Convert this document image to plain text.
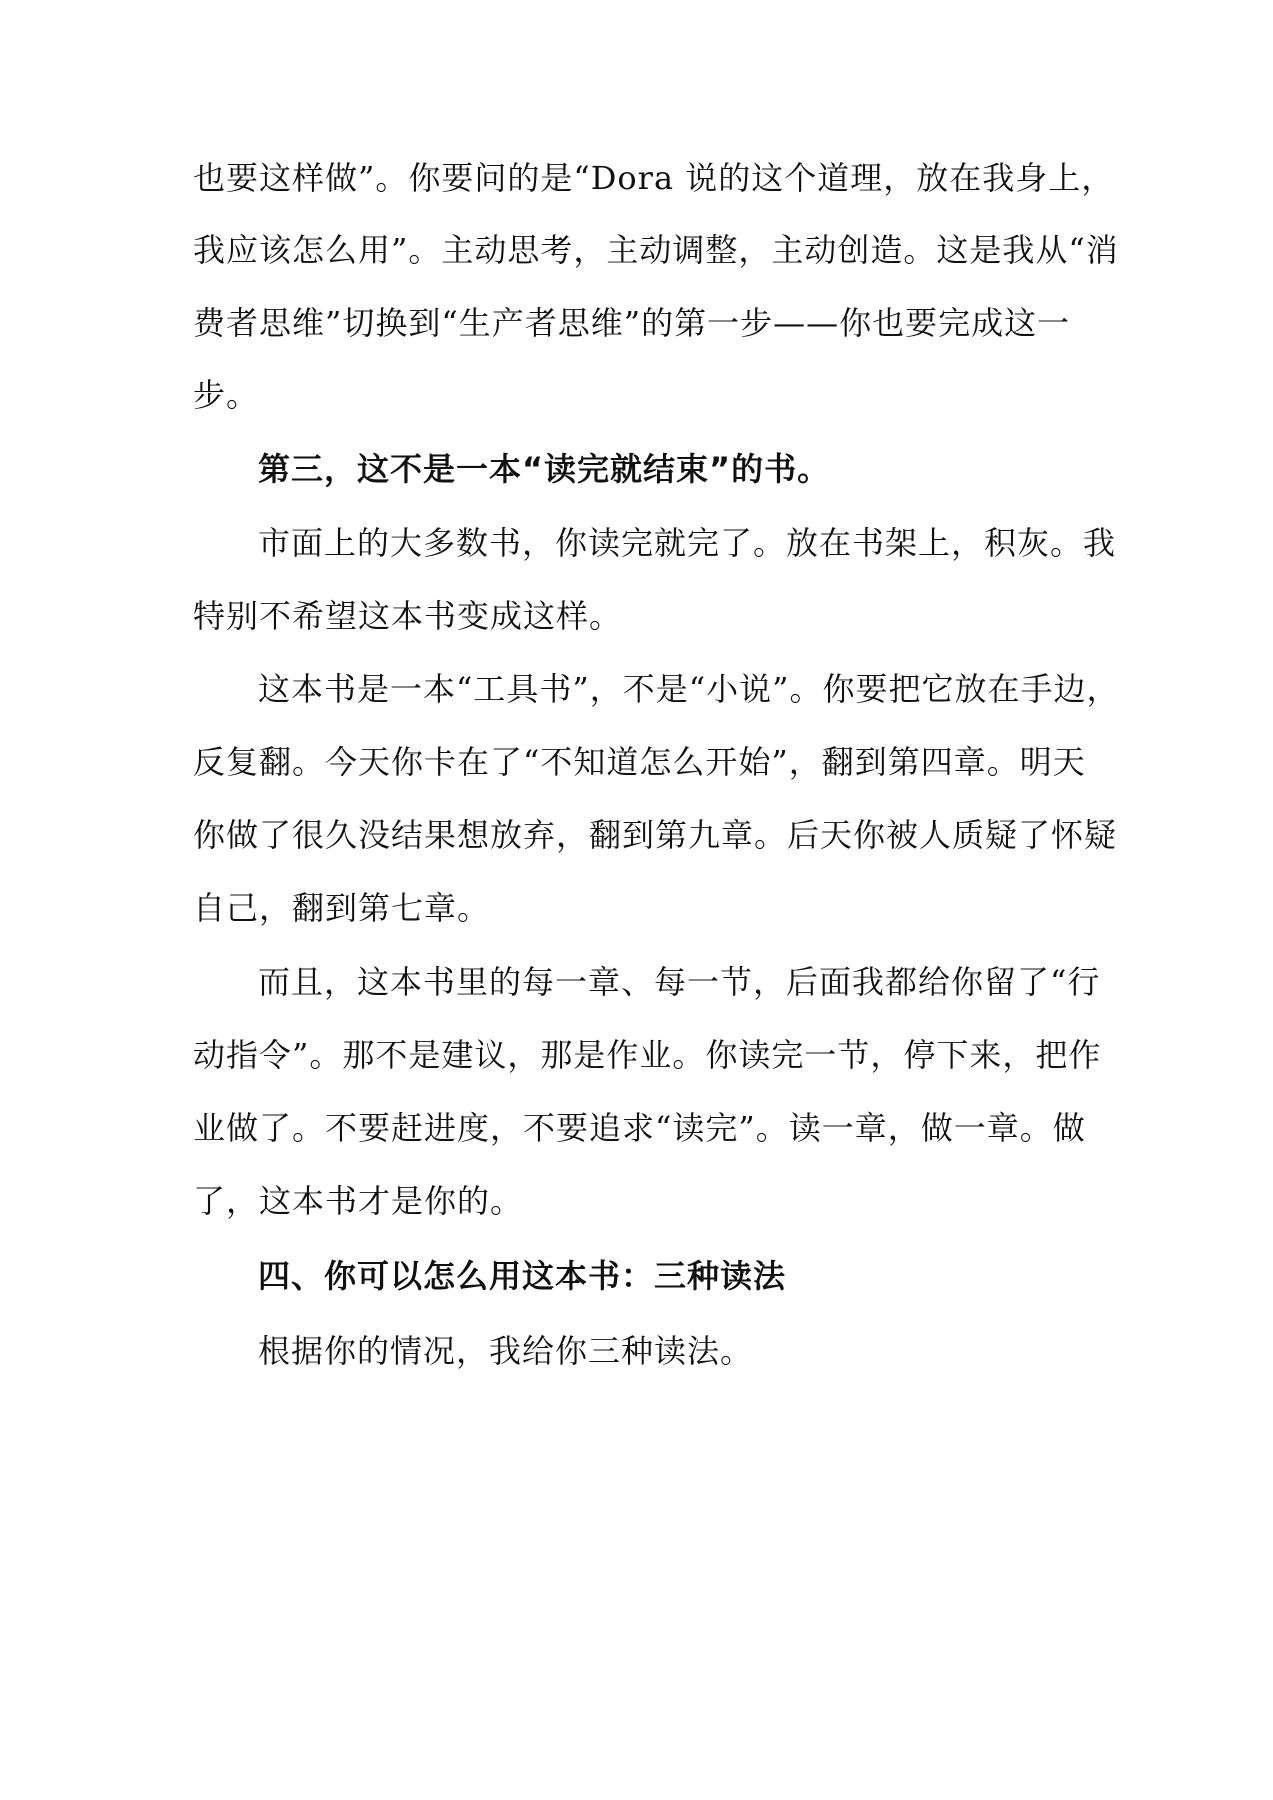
也要这样做”。你要问的是“Dora 说的这个道理，放在我身上，
我应该怎么用”。主动思考，主动调整，主动创造。这是我从“消
费者思维”切换到“生产者思维”的第一步——你也要完成这一
步。
第三，这不是一本“读完就结束”的书。
市面上的大多数书，你读完就完了。放在书架上，积灰。我
特别不希望这本书变成这样。
这本书是一本“工具书”，不是“小说”。你要把它放在手边，
反复翻。今天你卡在了“不知道怎么开始”，翻到第四章。明天
你做了很久没结果想放弃，翻到第九章。后天你被人质疑了怀疑
自己，翻到第七章。
而且，这本书里的每一章、每一节，后面我都给你留了“行
动指令”。那不是建议，那是作业。你读完一节，停下来，把作
业做了。不要赶进度，不要追求“读完”。读一章，做一章。做
了，这本书才是你的。
四、你可以怎么用这本书：三种读法
根据你的情况，我给你三种读法。
